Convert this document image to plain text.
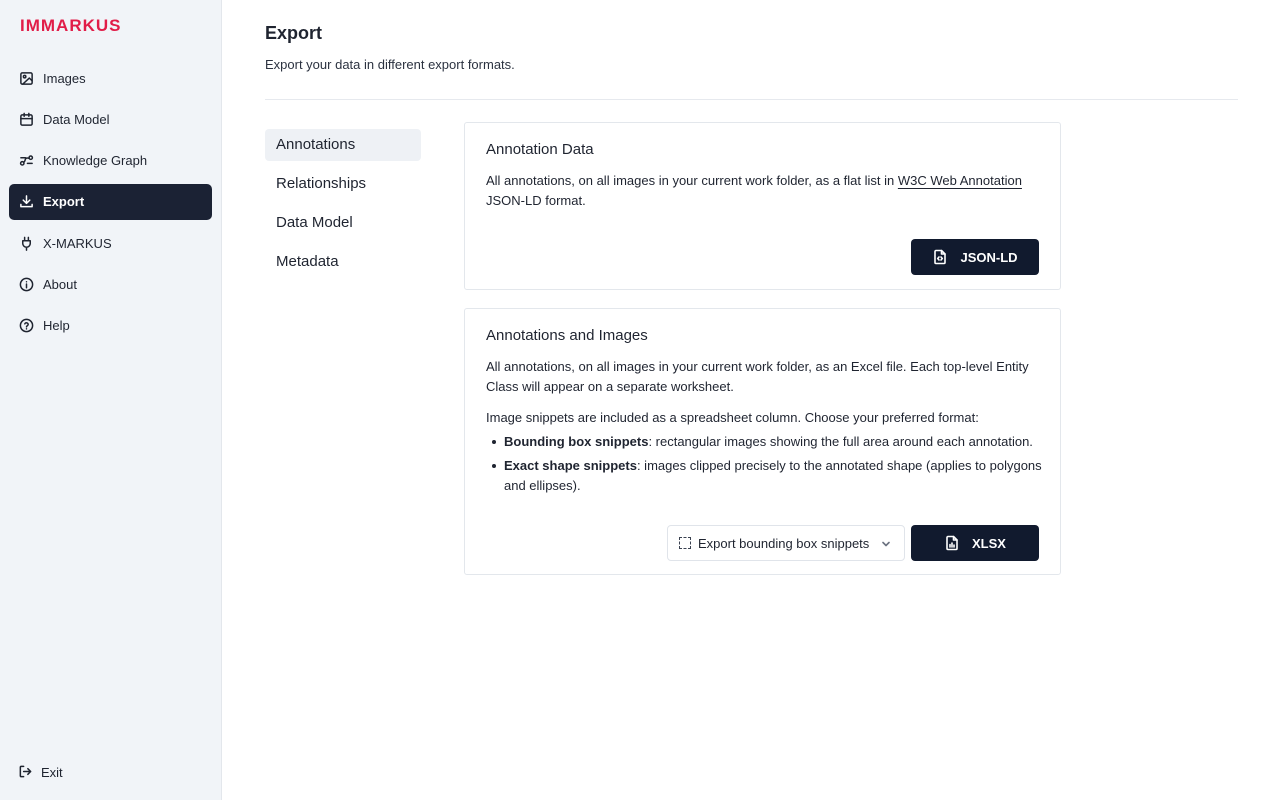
IMMARKUS
Images
Data Model
Knowledge Graph
Export
X-MARKUS
About
Help
Exit
Export
Export your data in different export formats.
Annotations
Relationships
Data Model
Metadata
Annotation Data
All annotations, on all images in your current work folder, as a flat list in W3C Web Annotation JSON-LD format.
JSON-LD
Annotations and Images
All annotations, on all images in your current work folder, as an Excel file. Each top-level Entity Class will appear on a separate worksheet.
Image snippets are included as a spreadsheet column. Choose your preferred format:
Bounding box snippets: rectangular images showing the full area around each annotation.
Exact shape snippets: images clipped precisely to the annotated shape (applies to polygons and ellipses).
Export bounding box snippets	XLSX
